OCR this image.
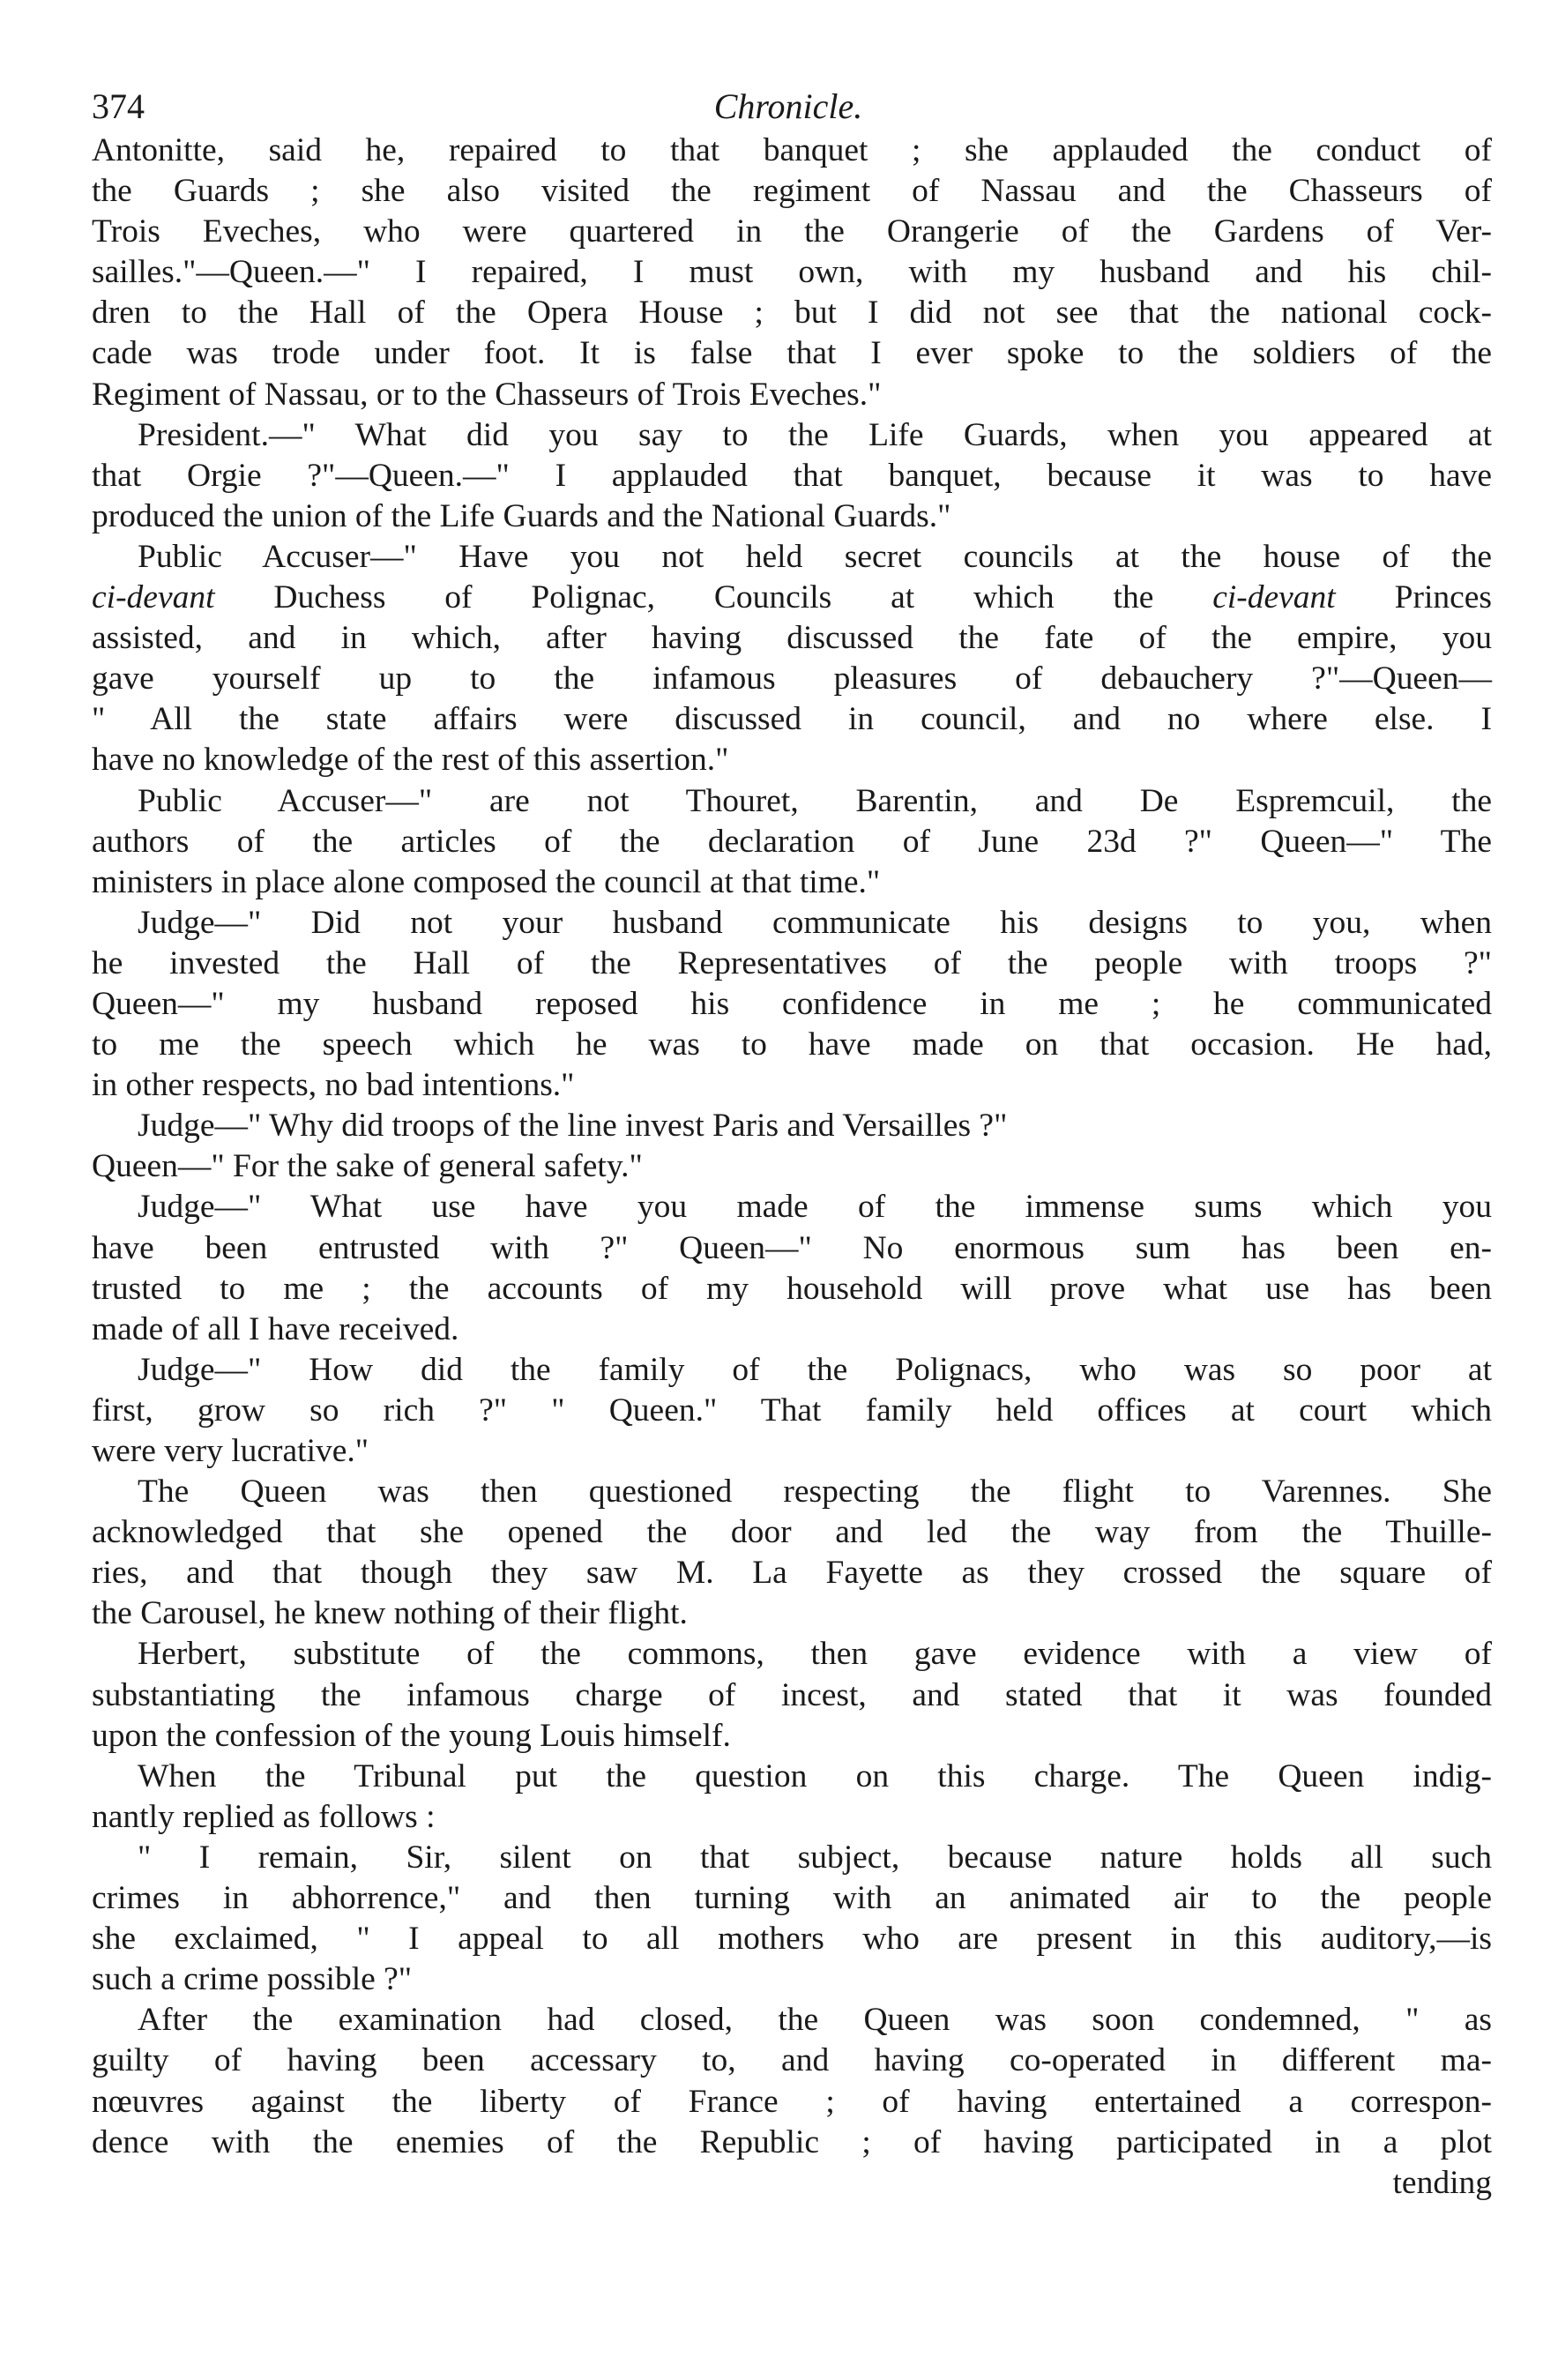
374	Chronicle.
Antonitte, said he, repaired to that banquet ; she applauded the conduct of
the Guards ; she also visited the regiment of Nassau and the Chasseurs of
Trois Eveches, who were quartered in the Orangerie of the Gardens of Ver-
sailles."—Queen.—" I repaired, I must own, with my husband and his chil-
dren to the Hall of the Opera House ; but I did not see that the national cock-
cade was trode under foot. It is false that I ever spoke to the soldiers of the
Regiment of Nassau, or to the Chasseurs of Trois Eveches."
President.—" What did you say to the Life Guards, when you appeared at
that Orgie ?"—Queen.—" I applauded that banquet, because it was to have
produced the union of the Life Guards and the National Guards."
Public Accuser—" Have you not held secret councils at the house of the
ci-devant Duchess of Polignac, Councils at which the ci-devant Princes
assisted, and in which, after having discussed the fate of the empire, you
gave yourself up to the infamous pleasures of debauchery ?"—Queen—
" All the state affairs were discussed in council, and no where else. I
have no knowledge of the rest of this assertion."
Public Accuser—" are not Thouret, Barentin, and De Espremcuil, the
authors of the articles of the declaration of June 23d ?" Queen—" The
ministers in place alone composed the council at that time."
Judge—" Did not your husband communicate his designs to you, when
he invested the Hall of the Representatives of the people with troops ?"
Queen—" my husband reposed his confidence in me ; he communicated
to me the speech which he was to have made on that occasion. He had,
in other respects, no bad intentions."
Judge—" Why did troops of the line invest Paris and Versailles ?"
Queen—" For the sake of general safety."
Judge—" What use have you made of the immense sums which you
have been entrusted with ?" Queen—" No enormous sum has been en-
trusted to me ; the accounts of my household will prove what use has been
made of all I have received.
Judge—" How did the family of the Polignacs, who was so poor at
first, grow so rich ?" " Queen." That family held offices at court which
were very lucrative."
The Queen was then questioned respecting the flight to Varennes. She
acknowledged that she opened the door and led the way from the Thuille-
ries, and that though they saw M. La Fayette as they crossed the square of
the Carousel, he knew nothing of their flight.
Herbert, substitute of the commons, then gave evidence with a view of
substantiating the infamous charge of incest, and stated that it was founded
upon the confession of the young Louis himself.
When the Tribunal put the question on this charge. The Queen indig-
nantly replied as follows :
" I remain, Sir, silent on that subject, because nature holds all such
crimes in abhorrence," and then turning with an animated air to the people
she exclaimed, " I appeal to all mothers who are present in this auditory,—is
such a crime possible ?"
After the examination had closed, the Queen was soon condemned, " as
guilty of having been accessary to, and having co-operated in different ma-
nœuvres against the liberty of France ; of having entertained a correspon-
dence with the enemies of the Republic ; of having participated in a plot
tending
